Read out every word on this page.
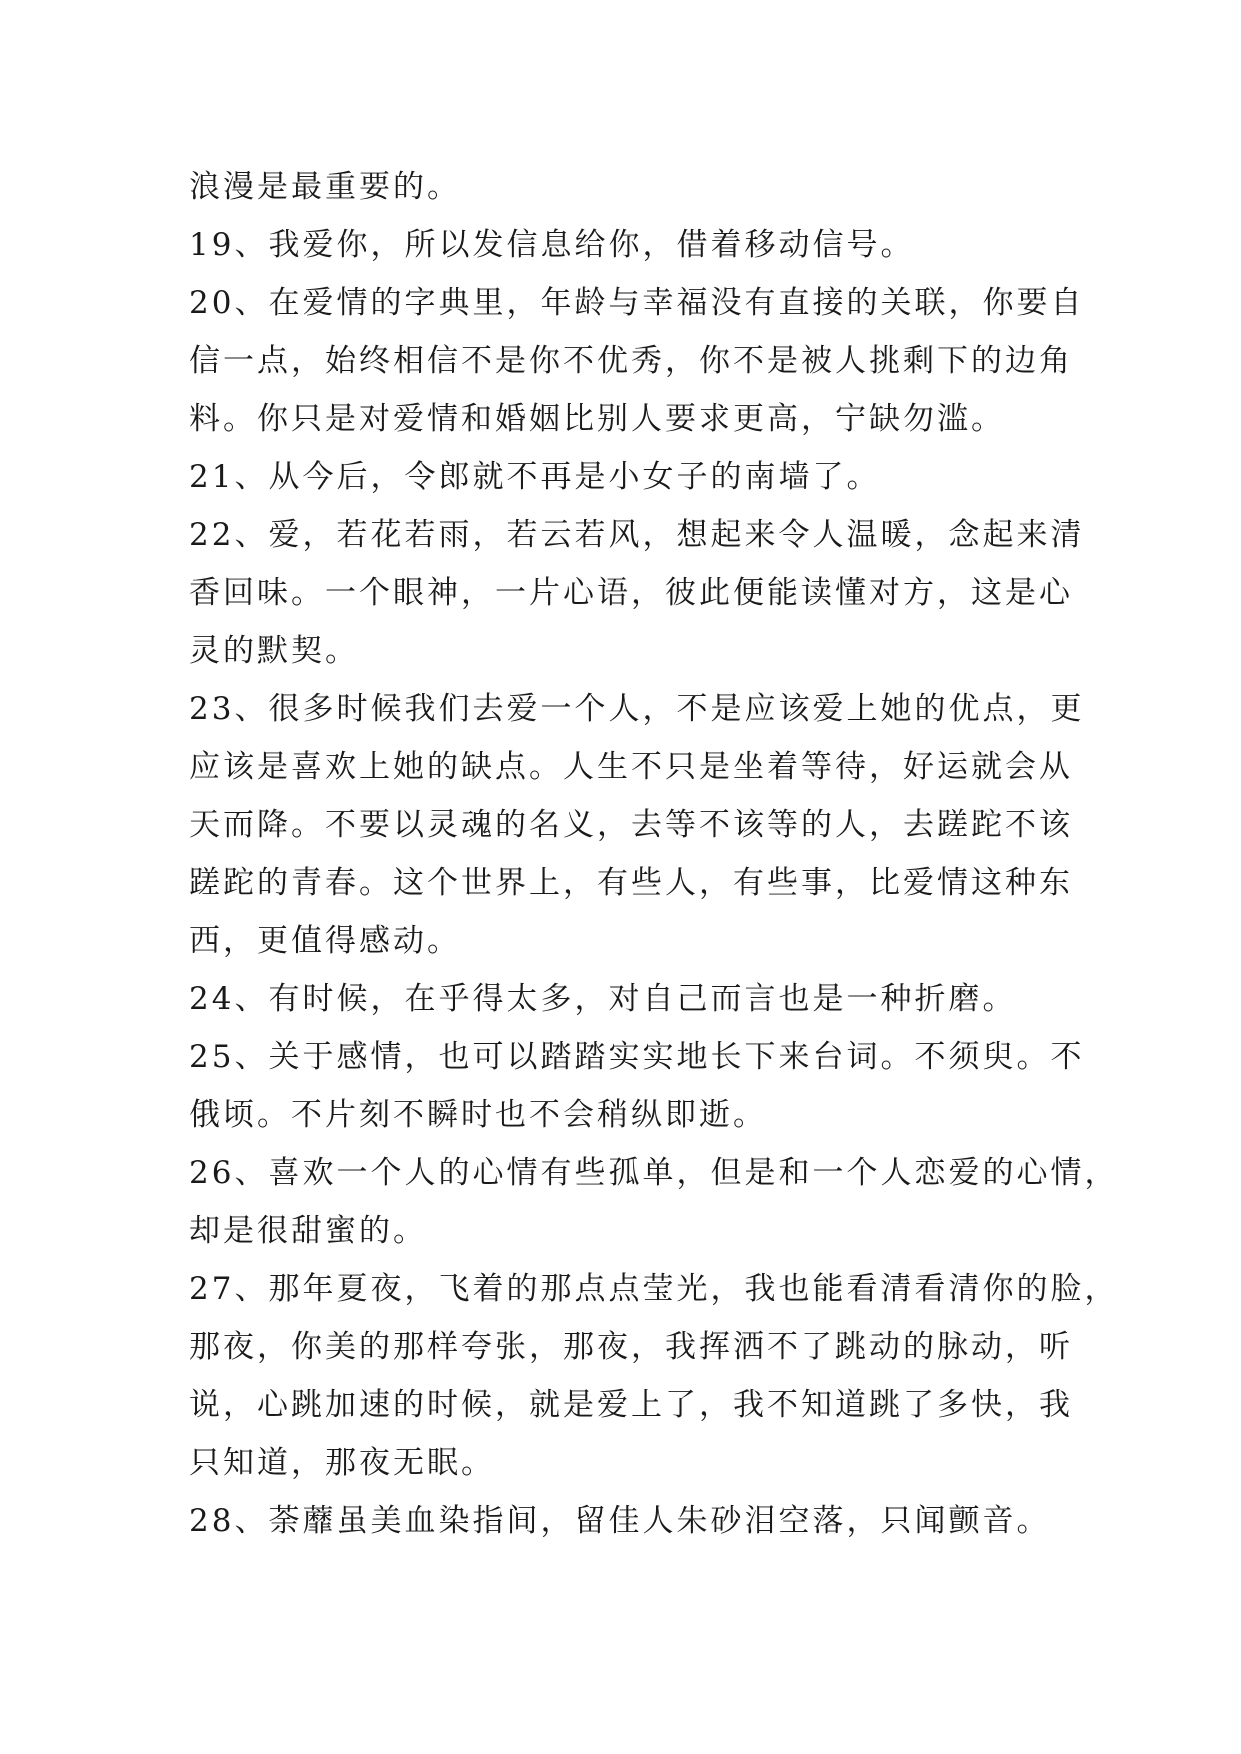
浪漫是最重要的。
19、我爱你，所以发信息给你，借着移动信号。
20、在爱情的字典里，年龄与幸福没有直接的关联，你要自
信一点，始终相信不是你不优秀，你不是被人挑剩下的边角
料。你只是对爱情和婚姻比别人要求更高，宁缺勿滥。
21、从今后，令郎就不再是小女子的南墙了。
22、爱，若花若雨，若云若风，想起来令人温暖，念起来清
香回味。一个眼神，一片心语，彼此便能读懂对方，这是心
灵的默契。
23、很多时候我们去爱一个人，不是应该爱上她的优点，更
应该是喜欢上她的缺点。人生不只是坐着等待，好运就会从
天而降。不要以灵魂的名义，去等不该等的人，去蹉跎不该
蹉跎的青春。这个世界上，有些人，有些事，比爱情这种东
西，更值得感动。
24、有时候，在乎得太多，对自己而言也是一种折磨。
25、关于感情，也可以踏踏实实地长下来台词。不须臾。不
俄顷。不片刻不瞬时也不会稍纵即逝。
26、喜欢一个人的心情有些孤单，但是和一个人恋爱的心情，
却是很甜蜜的。
27、那年夏夜，飞着的那点点莹光，我也能看清看清你的脸，
那夜，你美的那样夸张，那夜，我挥洒不了跳动的脉动，听
说，心跳加速的时候，就是爱上了，我不知道跳了多快，我
只知道，那夜无眠。
28、荼蘼虽美血染指间，留佳人朱砂泪空落，只闻颤音。
